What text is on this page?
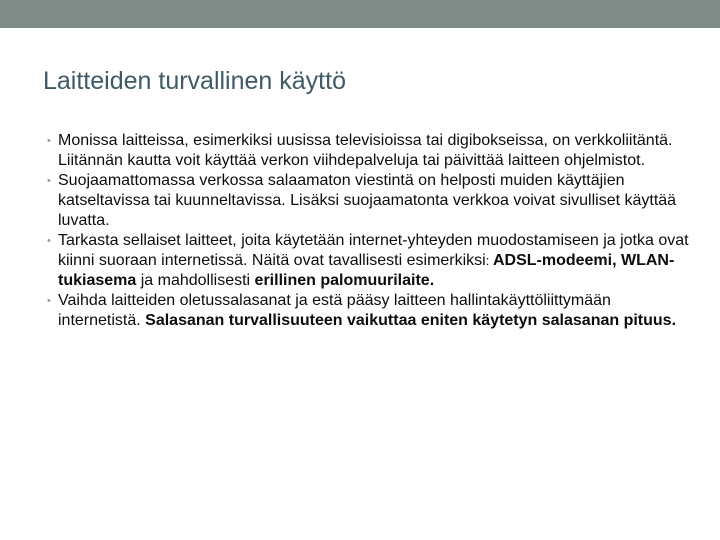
Laitteiden turvallinen käyttö
• Monissa laitteissa, esimerkiksi uusissa televisioissa tai digibokseissa, on verkkoliitäntä. Liitännän kautta voit käyttää verkon viihdepalveluja tai päivittää laitteen ohjelmistot.
• Suojaamattomassa verkossa salaamaton viestintä on helposti muiden käyttäjien katseltavissa tai kuunneltavissa. Lisäksi suojaamatonta verkkoa voivat sivulliset käyttää luvatta.
• Tarkasta sellaiset laitteet, joita käytetään internet-yhteyden muodostamiseen ja jotka ovat kiinni suoraan internetissä. Näitä ovat tavallisesti esimerkiksi: ADSL-modeemi, WLAN-tukiasema ja mahdollisesti erillinen palomuurilaite.
• Vaihda laitteiden oletussalasanat ja estä pääsy laitteen hallintakäyttöliittymään internetistä. Salasanan turvallisuuteen vaikuttaa eniten käytetyn salasanan pituus.
